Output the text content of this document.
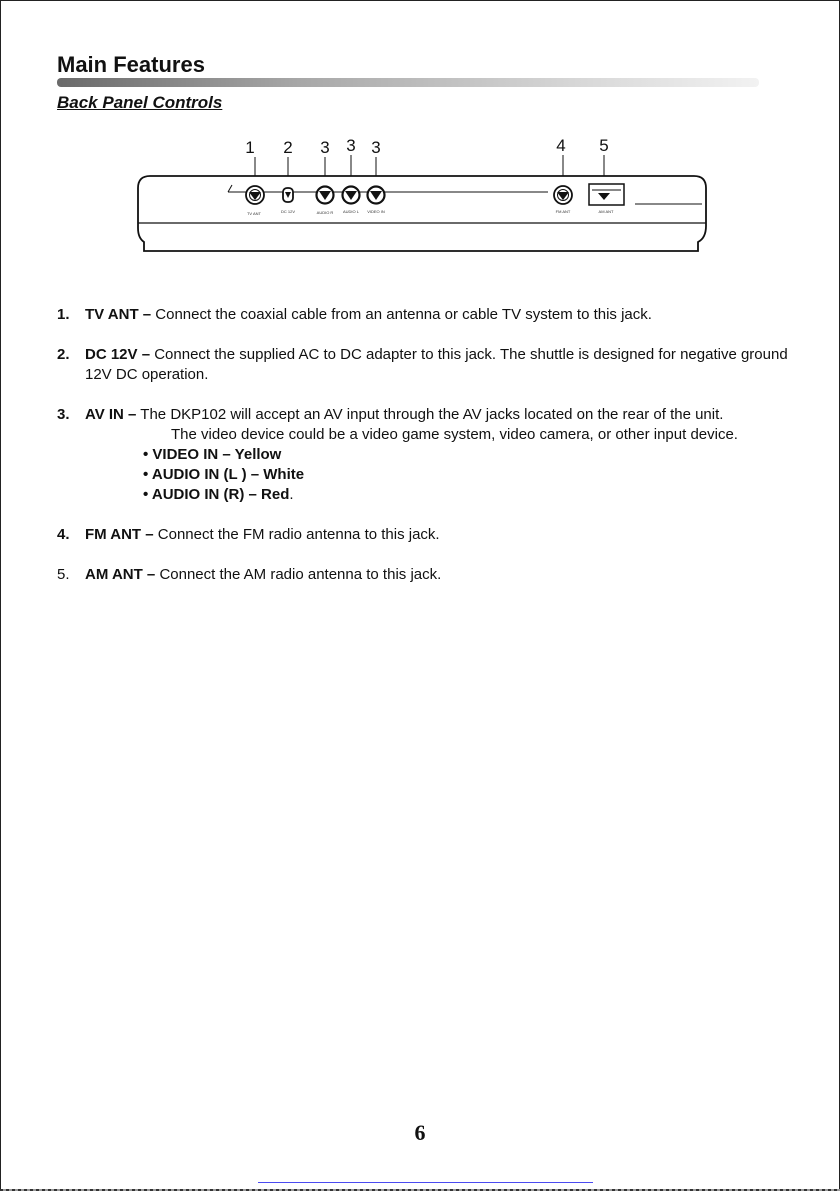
Main Features
Back Panel Controls
1 2 3 3 3	4 5
TV ANT	DC 12V	AUDIO R AUDIO L VIDEO IN	FM ANT	AM ANT
1. TV ANT – Connect the coaxial cable from an antenna or cable TV system to this jack.
2. DC 12V – Connect the supplied AC to DC adapter to this jack. The shuttle is designed for negative ground 12V DC operation.
3. AV IN – The DKP102 will accept an AV input through the AV jacks located on the rear of the unit.
The video device could be a video game system, video camera, or other input device.
• VIDEO IN – Yellow
• AUDIO IN (L ) – White
• AUDIO IN (R) – Red.
4. FM ANT – Connect the FM radio antenna to this jack.
5. AM ANT – Connect the AM radio antenna to this jack.
6
